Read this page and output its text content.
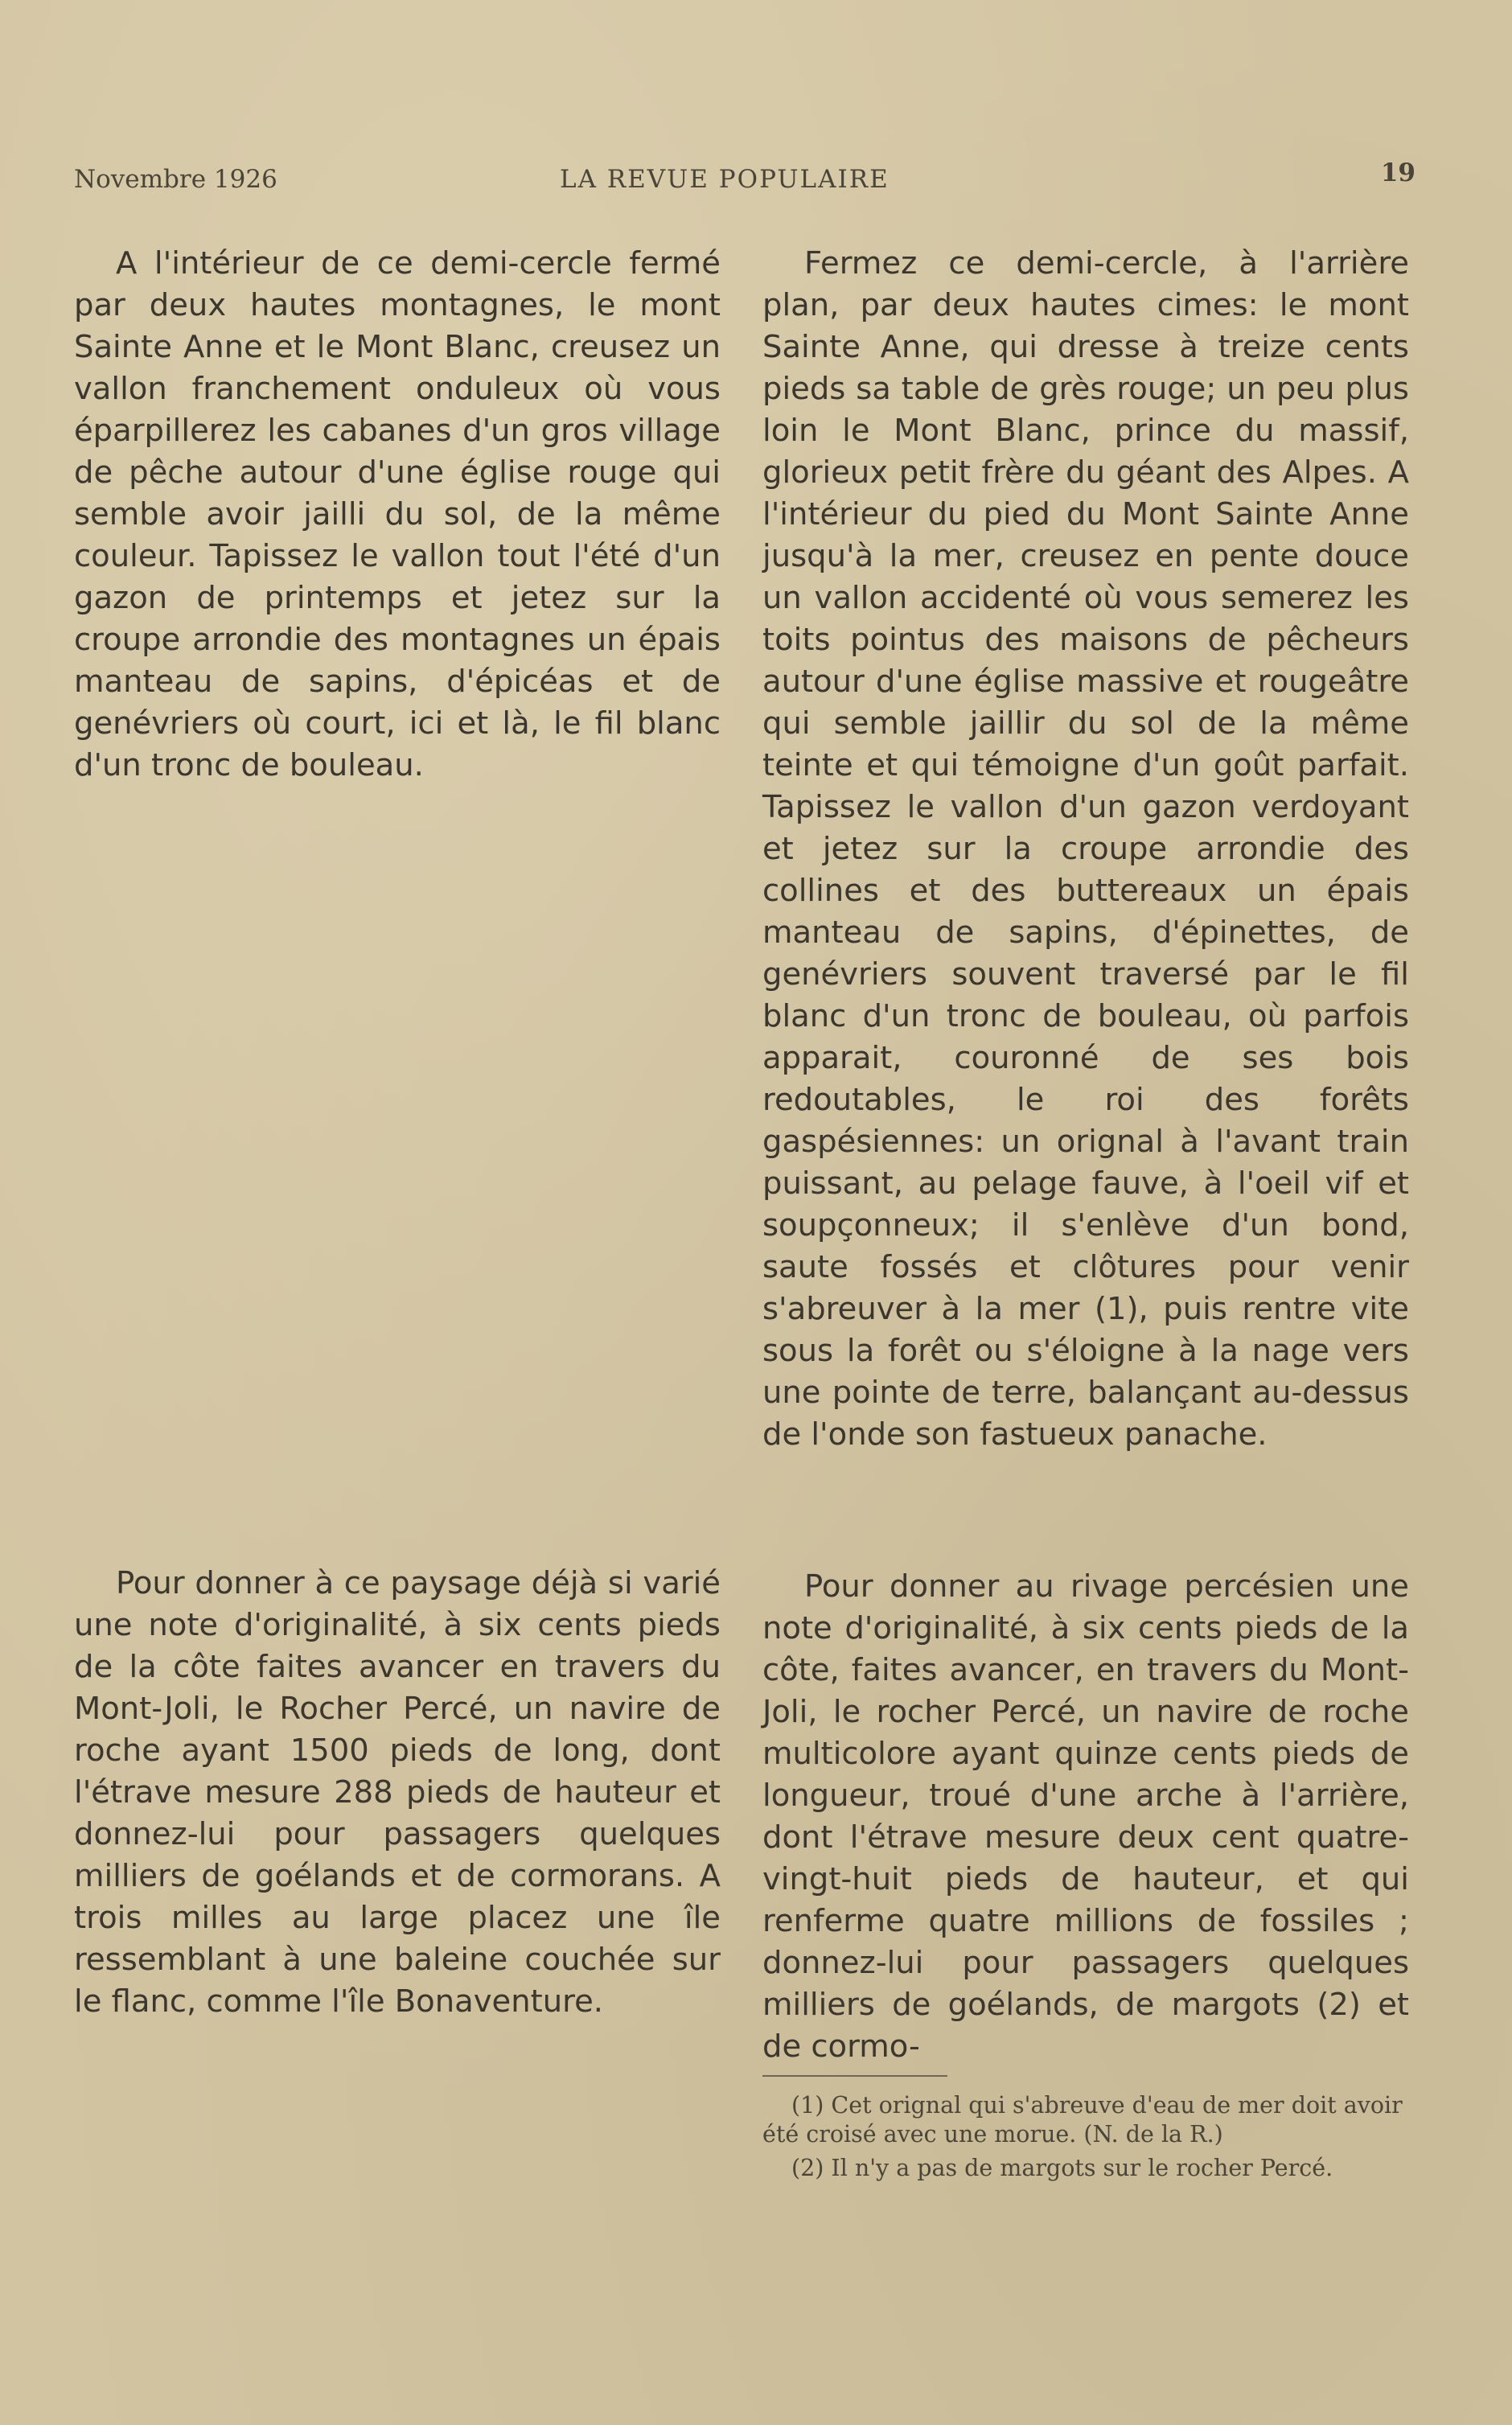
Novembre 1926	LA REVUE POPULAIRE	19

A l'intérieur de ce demi-cercle fermé par deux hautes montagnes, le mont Sainte Anne et le Mont Blanc, creusez un vallon franchement onduleux où vous éparpillerez les cabanes d'un gros village de pêche autour d'une église rouge qui semble avoir jailli du sol, de la même couleur. Tapissez le vallon tout l'été d'un gazon de printemps et jetez sur la croupe arrondie des montagnes un épais manteau de sapins, d'épicéas et de genévriers où court, ici et là, le fil blanc d'un tronc de bouleau.

Pour donner à ce paysage déjà si varié une note d'originalité, à six cents pieds de la côte faites avancer en travers du Mont-Joli, le Rocher Percé, un navire de roche ayant 1500 pieds de long, dont l'étrave mesure 288 pieds de hauteur et donnez-lui pour passagers quelques milliers de goélands et de cormorans. A trois milles au large placez une île ressemblant à une baleine couchée sur le flanc, comme l'île Bonaventure.

Fermez ce demi-cercle, à l'arrière plan, par deux hautes cimes: le mont Sainte Anne, qui dresse à treize cents pieds sa table de grès rouge; un peu plus loin le Mont Blanc, prince du massif, glorieux petit frère du géant des Alpes. A l'intérieur du pied du Mont Sainte Anne jusqu'à la mer, creusez en pente douce un vallon accidenté où vous semerez les toits pointus des maisons de pêcheurs autour d'une église massive et rougeâtre qui semble jaillir du sol de la même teinte et qui témoigne d'un goût parfait. Tapissez le vallon d'un gazon verdoyant et jetez sur la croupe arrondie des collines et des buttereaux un épais manteau de sapins, d'épinettes, de genévriers souvent traversé par le fil blanc d'un tronc de bouleau, où parfois apparait, couronné de ses bois redoutables, le roi des forêts gaspésiennes: un orignal à l'avant train puissant, au pelage fauve, à l'oeil vif et soupçonneux; il s'enlève d'un bond, saute fossés et clôtures pour venir s'abreuver à la mer (1), puis rentre vite sous la forêt ou s'éloigne à la nage vers une pointe de terre, balançant au-dessus de l'onde son fastueux panache.

Pour donner au rivage percésien une note d'originalité, à six cents pieds de la côte, faites avancer, en travers du Mont-Joli, le rocher Percé, un navire de roche multicolore ayant quinze cents pieds de longueur, troué d'une arche à l'arrière, dont l'étrave mesure deux cent quatre-vingt-huit pieds de hauteur, et qui renferme quatre millions de fossiles ; donnez-lui pour passagers quelques milliers de goélands, de margots (2) et de cormo-

(1) Cet orignal qui s'abreuve d'eau de mer doit avoir été croisé avec une morue. (N. de la R.)

(2) Il n'y a pas de margots sur le rocher Percé.
